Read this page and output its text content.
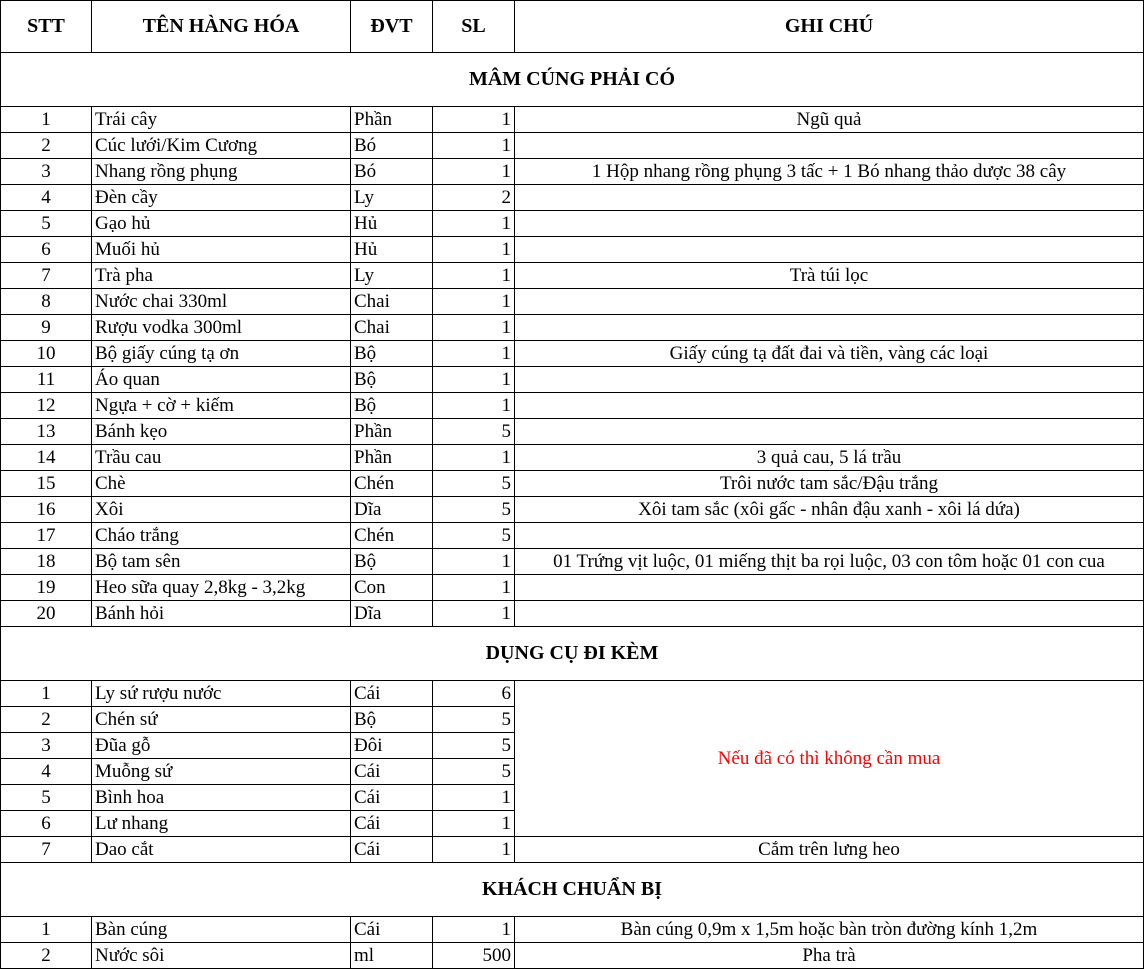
STT	TÊN HÀNG HÓA	ĐVT	SL	GHI CHÚ
MÂM CÚNG PHẢI CÓ				
1	Trái cây	Phần	1	Ngũ quả
2	Cúc lưới/Kim Cương	Bó	1	
3	Nhang rồng phụng	Bó	1	1 Hộp nhang rồng phụng 3 tấc + 1 Bó nhang thảo dược 38 cây
4	Đèn cầy	Ly	2	
5	Gạo hủ	Hủ	1	
6	Muối hủ	Hủ	1	
7	Trà pha	Ly	1	Trà túi lọc
8	Nước chai 330ml	Chai	1	
9	Rượu vodka 300ml	Chai	1	
10	Bộ giấy cúng tạ ơn	Bộ	1	Giấy cúng tạ đất đai và tiền, vàng các loại
11	Áo quan	Bộ	1	
12	Ngựa + cờ + kiếm	Bộ	1	
13	Bánh kẹo	Phần	5	
14	Trầu cau	Phần	1	3 quả cau, 5 lá trầu
15	Chè	Chén	5	Trôi nước tam sắc/Đậu trắng
16	Xôi	Dĩa	5	Xôi tam sắc (xôi gấc - nhân đậu xanh - xôi lá dứa)
17	Cháo trắng	Chén	5	
18	Bộ tam sên	Bộ	1	01 Trứng vịt luộc, 01 miếng thịt ba rọi luộc, 03 con tôm hoặc 01 con cua
19	Heo sữa quay 2,8kg - 3,2kg	Con	1	
20	Bánh hỏi	Dĩa	1	
DỤNG CỤ ĐI KÈM				
1	Ly sứ rượu nước	Cái	6	Nếu đã có thì không cần mua
2	Chén sứ	Bộ	5	
3	Đũa gỗ	Đôi	5	
4	Muỗng sứ	Cái	5	
5	Bình hoa	Cái	1	
6	Lư nhang	Cái	1	
7	Dao cắt	Cái	1	Cắm trên lưng heo
KHÁCH CHUẨN BỊ				
1	Bàn cúng	Cái	1	Bàn cúng 0,9m x 1,5m hoặc bàn tròn đường kính 1,2m
2	Nước sôi	ml	500	Pha trà
